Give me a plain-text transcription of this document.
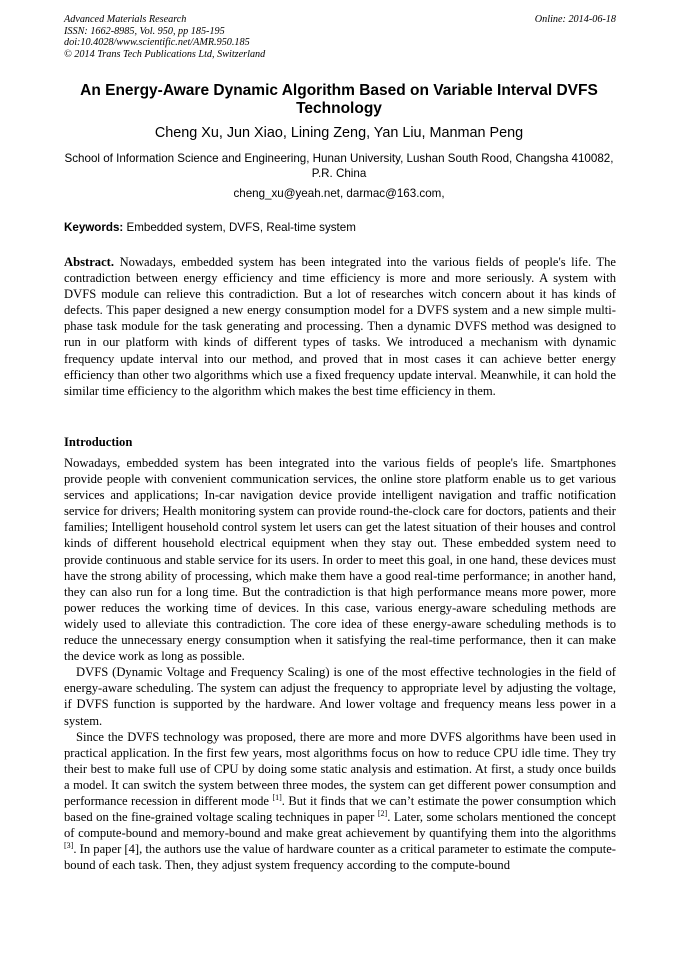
Advanced Materials Research
ISSN: 1662-8985, Vol. 950, pp 185-195
doi:10.4028/www.scientific.net/AMR.950.185
© 2014 Trans Tech Publications Ltd, Switzerland
Online: 2014-06-18
An Energy-Aware Dynamic Algorithm Based on Variable Interval DVFS Technology
Cheng Xu, Jun Xiao, Lining Zeng, Yan Liu, Manman Peng
School of Information Science and Engineering, Hunan University, Lushan South Rood, Changsha 410082, P.R. China
cheng_xu@yeah.net, darmac@163.com,
Keywords: Embedded system, DVFS, Real-time system
Abstract. Nowadays, embedded system has been integrated into the various fields of people's life. The contradiction between energy efficiency and time efficiency is more and more seriously. A system with DVFS module can relieve this contradiction. But a lot of researches witch concern about it has kinds of defects. This paper designed a new energy consumption model for a DVFS system and a new simple multi-phase task module for the task generating and processing. Then a dynamic DVFS method was designed to run in our platform with kinds of different types of tasks. We introduced a mechanism with dynamic frequency update interval into our method, and proved that in most cases it can achieve better energy efficiency than other two algorithms which use a fixed frequency update interval. Meanwhile, it can hold the similar time efficiency to the algorithm which makes the best time efficiency in them.
Introduction

Nowadays, embedded system has been integrated into the various fields of people's life. Smartphones provide people with convenient communication services, the online store platform enable us to get various services and applications; In-car navigation device provide intelligent navigation and traffic notification service for drivers; Health monitoring system can provide round-the-clock care for doctors, patients and their families; Intelligent household control system let users can get the latest situation of their houses and control kinds of different household electrical equipment when they stay out. These embedded system need to provide continuous and stable service for its users. In order to meet this goal, in one hand, these devices must have the strong ability of processing, which make them have a good real-time performance; in another hand, they can also run for a long time. But the contradiction is that high performance means more power, more power reduces the working time of devices. In this case, various energy-aware scheduling methods are widely used to alleviate this contradiction. The core idea of these energy-aware scheduling methods is to reduce the unnecessary energy consumption when it satisfying the real-time performance, then it can make the device work as long as possible.

DVFS (Dynamic Voltage and Frequency Scaling) is one of the most effective technologies in the field of energy-aware scheduling. The system can adjust the frequency to appropriate level by adjusting the voltage, if DVFS function is supported by the hardware. And lower voltage and frequency means less power in a system.

Since the DVFS technology was proposed, there are more and more DVFS algorithms have been used in practical application. In the first few years, most algorithms focus on how to reduce CPU idle time. They try their best to make full use of CPU by doing some static analysis and estimation. At first, a study once builds a model. It can switch the system between three modes, the system can get different power consumption and performance recession in different mode [1]. But it finds that we can’t estimate the power consumption which based on the fine-grained voltage scaling techniques in paper [2]. Later, some scholars mentioned the concept of compute-bound and memory-bound and make great achievement by quantifying them into the algorithms [3]. In paper [4], the authors use the value of hardware counter as a critical parameter to estimate the compute-bound of each task. Then, they adjust system frequency according to the compute-bound
